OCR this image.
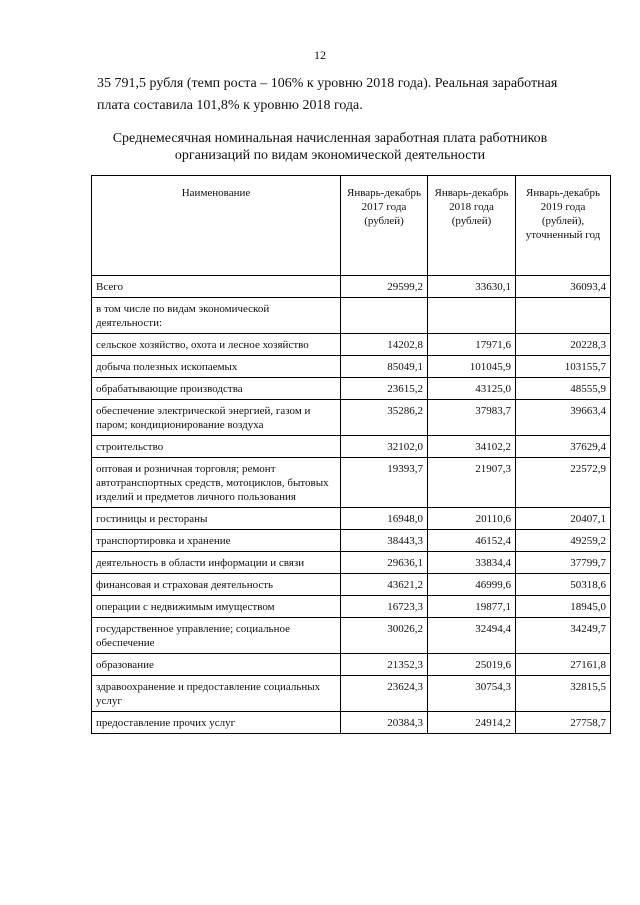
12

35 791,5 рубля (темп роста – 106% к уровню 2018 года). Реальная заработная

плата составила 101,8% к уровню 2018 года.

Среднемесячная номинальная начисленная заработная плата работников

организаций по видам экономической деятельности

Наименование	Январь-декабрь 2017 года (рублей)	Январь-декабрь 2018 года (рублей)	Январь-декабрь 2019 года (рублей), уточненный год
Всего	29599,2	33630,1	36093,4
в том числе по видам экономической деятельности:			
сельское хозяйство, охота и лесное хозяйство	14202,8	17971,6	20228,3
добыча полезных ископаемых	85049,1	101045,9	103155,7
обрабатывающие производства	23615,2	43125,0	48555,9
обеспечение электрической энергией, газом и паром; кондиционирование воздуха	35286,2	37983,7	39663,4
строительство	32102,0	34102,2	37629,4
оптовая и розничная торговля; ремонт автотранспортных средств, мотоциклов, бытовых изделий и предметов личного пользования	19393,7	21907,3	22572,9
гостиницы и рестораны	16948,0	20110,6	20407,1
транспортировка и хранение	38443,3	46152,4	49259,2
деятельность в области информации и связи	29636,1	33834,4	37799,7
финансовая и страховая деятельность	43621,2	46999,6	50318,6
операции с недвижимым имуществом	16723,3	19877,1	18945,0
государственное управление; социальное обеспечение	30026,2	32494,4	34249,7
образование	21352,3	25019,6	27161,8
здравоохранение и предоставление социальных услуг	23624,3	30754,3	32815,5
предоставление прочих услуг	20384,3	24914,2	27758,7
